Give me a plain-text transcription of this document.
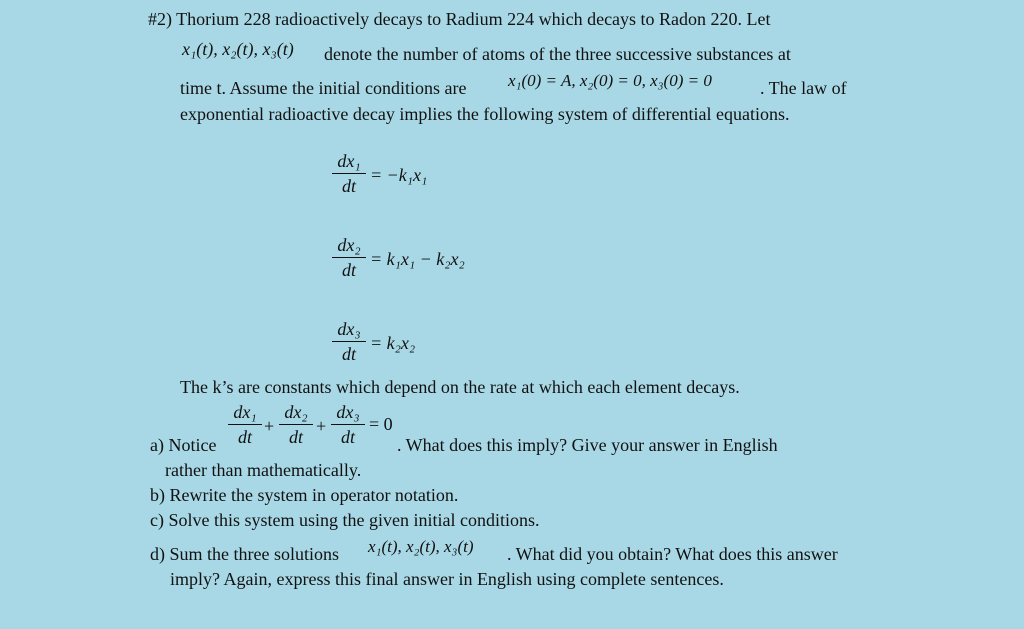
#2) Thorium 228 radioactively decays to Radium 224 which decays to Radon 220. Let
x₁(t), x₂(t), x₃(t) denote the number of atoms of the three successive substances at
time t. Assume the initial conditions are x₁(0) = A, x₂(0) = 0, x₃(0) = 0	. The law of
exponential radioactive decay implies the following system of differential equations.
dx₁
dt
= −k₁x₁
dx₂
dt
= k₁x₁ − k₂x₂
dx₃
dt
= k₂x₂
The k’s are constants which depend on the rate at which each element decays.
dx₁
dt
+
dx₂
dt
+
dx₃
dt
= 0
a) Notice	. What does this imply? Give your answer in English
rather than mathematically.
b) Rewrite the system in operator notation.
c) Solve this system using the given initial conditions.
d) Sum the three solutions x₁(t), x₂(t), x₃(t) . What did you obtain? What does this answer
imply? Again, express this final answer in English using complete sentences.
